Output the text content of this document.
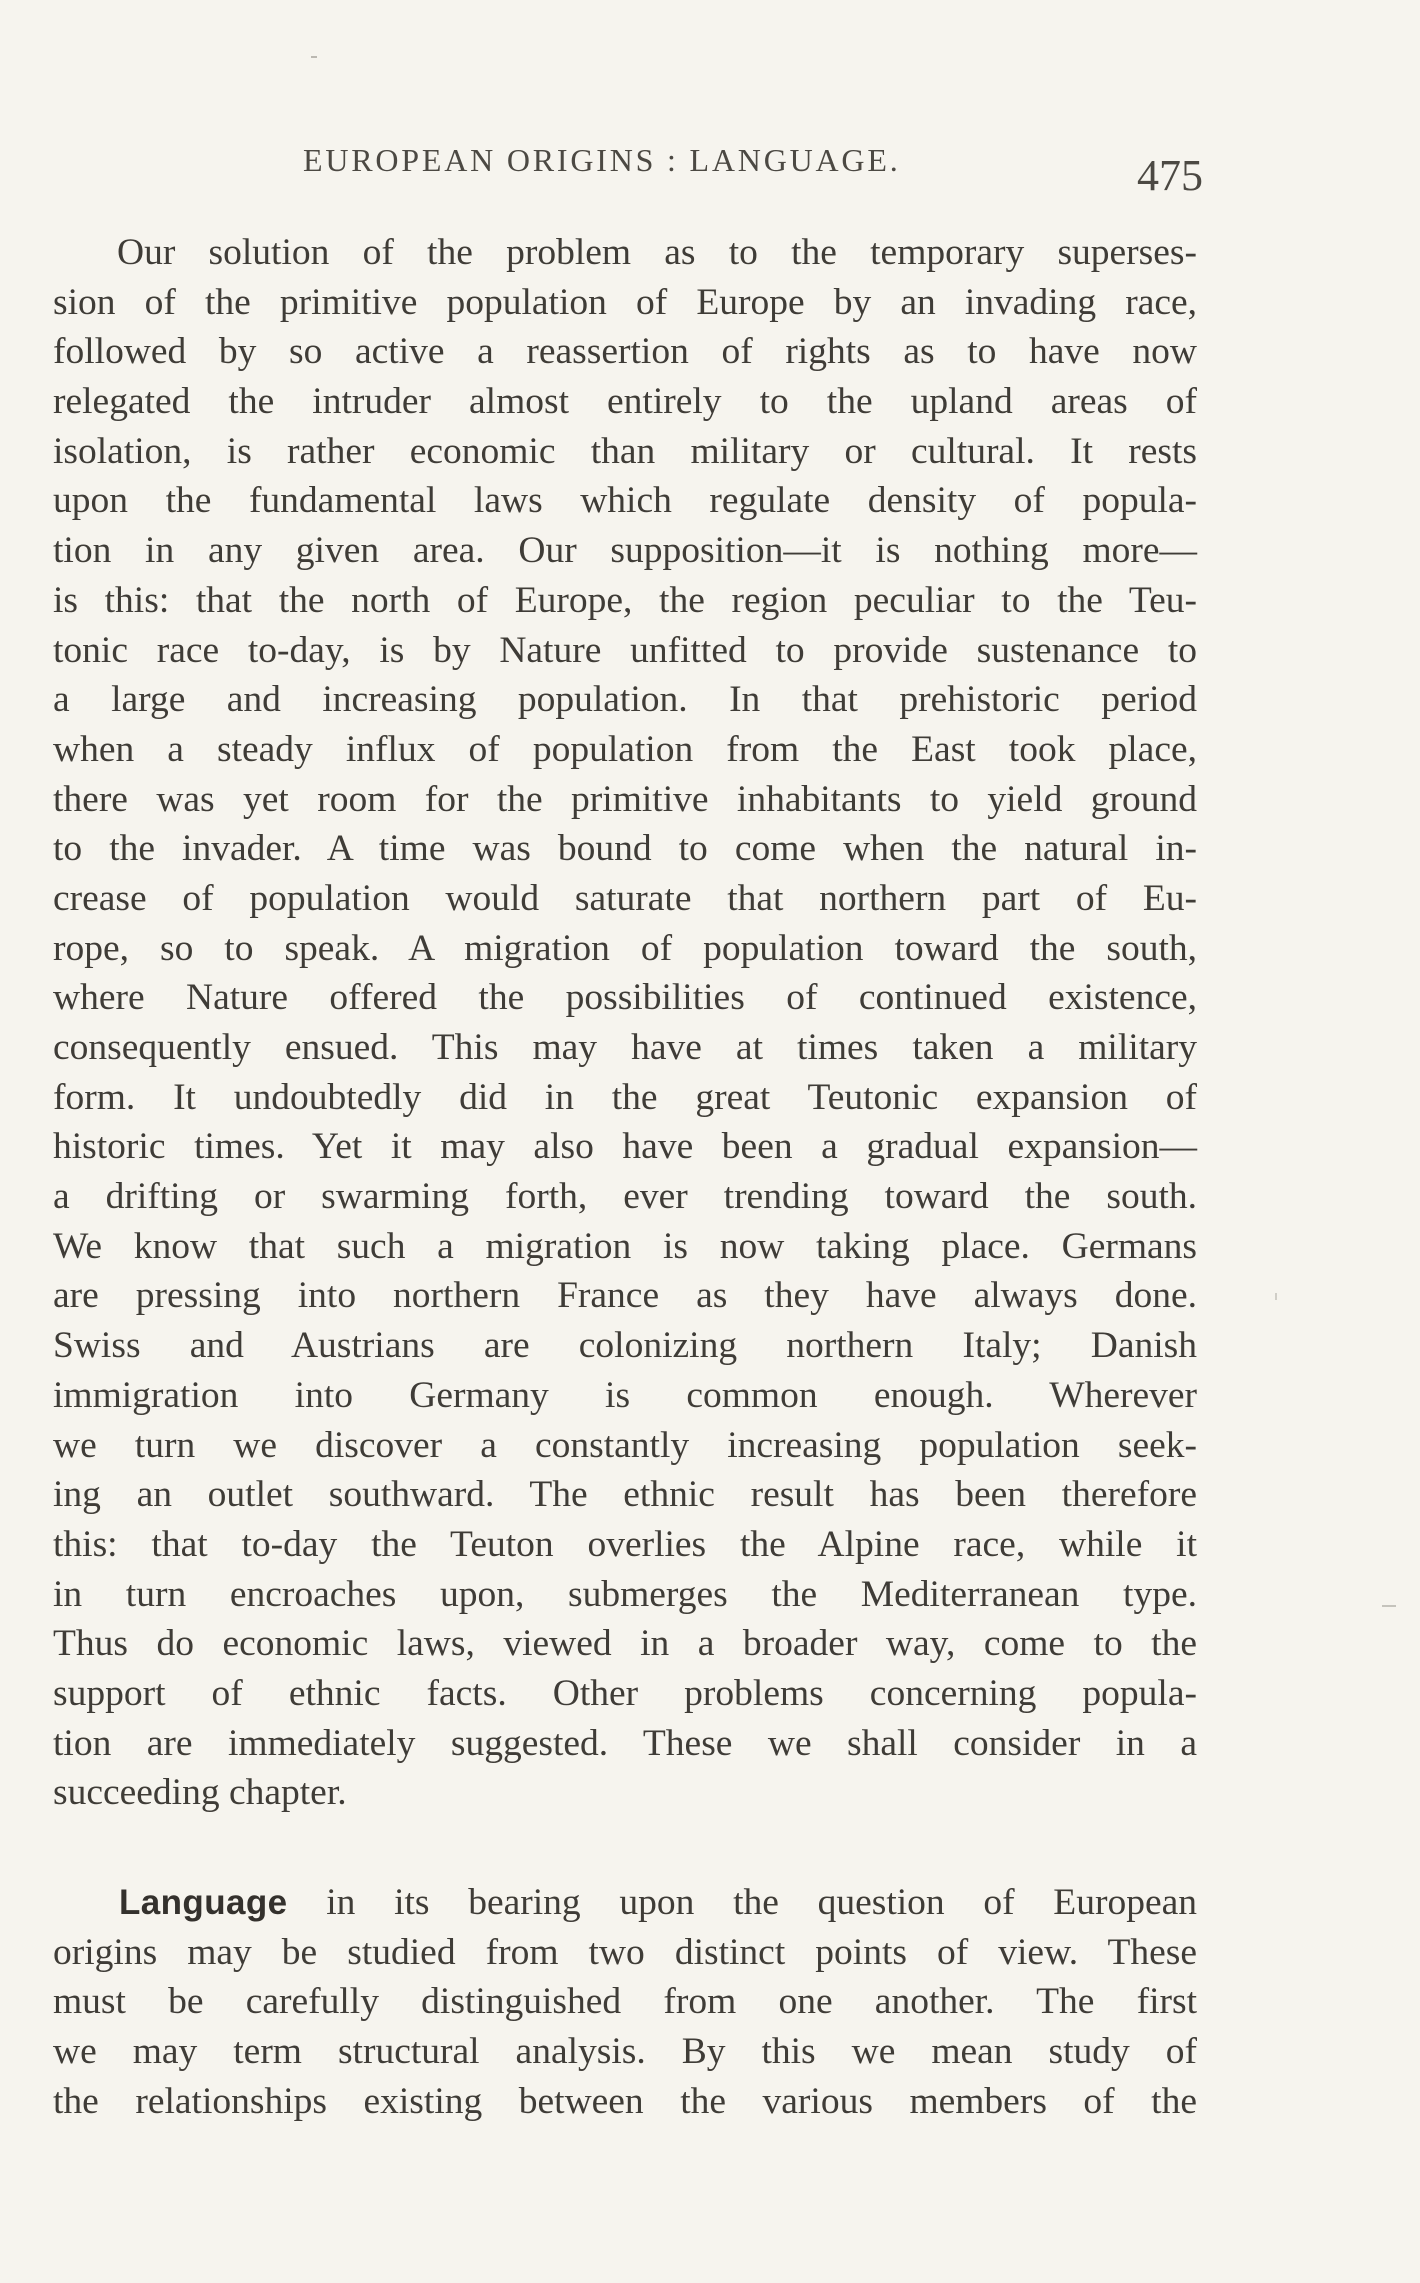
EUROPEAN ORIGINS : LANGUAGE.	475
Our solution of the problem as to the temporary superses-
sion of the primitive population of Europe by an invading race,
followed by so active a reassertion of rights as to have now
relegated the intruder almost entirely to the upland areas of
isolation, is rather economic than military or cultural. It rests
upon the fundamental laws which regulate density of popula-
tion in any given area. Our supposition—it is nothing more—
is this: that the north of Europe, the region peculiar to the Teu-
tonic race to-day, is by Nature unfitted to provide sustenance to
a large and increasing population. In that prehistoric period
when a steady influx of population from the East took place,
there was yet room for the primitive inhabitants to yield ground
to the invader. A time was bound to come when the natural in-
crease of population would saturate that northern part of Eu-
rope, so to speak. A migration of population toward the south,
where Nature offered the possibilities of continued existence,
consequently ensued. This may have at times taken a military
form. It undoubtedly did in the great Teutonic expansion of
historic times. Yet it may also have been a gradual expansion—
a drifting or swarming forth, ever trending toward the south.
We know that such a migration is now taking place. Germans
are pressing into northern France as they have always done.
Swiss and Austrians are colonizing northern Italy; Danish
immigration into Germany is common enough. Wherever
we turn we discover a constantly increasing population seek-
ing an outlet southward. The ethnic result has been therefore
this: that to-day the Teuton overlies the Alpine race, while it
in turn encroaches upon, submerges the Mediterranean type.
Thus do economic laws, viewed in a broader way, come to the
support of ethnic facts. Other problems concerning popula-
tion are immediately suggested. These we shall consider in a
succeeding chapter.
Language in its bearing upon the question of European
origins may be studied from two distinct points of view. These
must be carefully distinguished from one another. The first
we may term structural analysis. By this we mean study of
the relationships existing between the various members of the
